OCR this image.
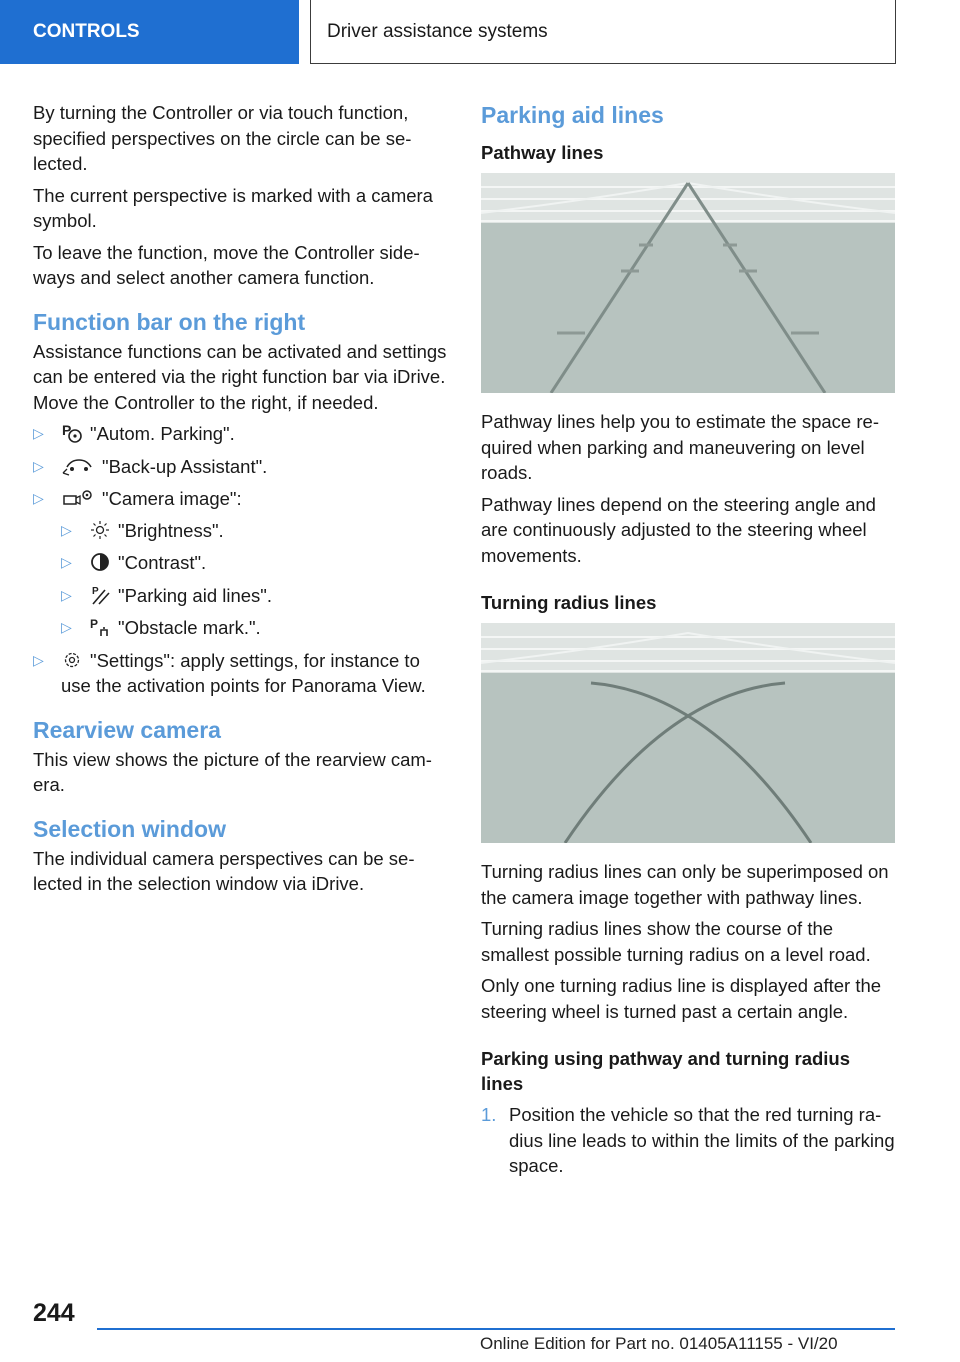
CONTROLS	Driver assistance systems

By turning the Controller or via touch function, specified perspectives on the circle can be selected.

The current perspective is marked with a camera symbol.

To leave the function, move the Controller sideways and select another camera function.

Function bar on the right

Assistance functions can be activated and settings can be entered via the right function bar via iDrive. Move the Controller to the right, if needed.

▷ P "Autom. Parking".
▷	"Back-up Assistant".
▷	"Camera image":
▷ "Brightness".
▷ "Contrast".
▷ P "Parking aid lines".
▷ P "Obstacle mark.".
▷ "Settings": apply settings, for instance to use the activation points for Panorama View.
Rearview camera

This view shows the picture of the rearview camera.

Selection window

The individual camera perspectives can be selected in the selection window via iDrive.

Parking aid lines
Pathway lines

Pathway lines help you to estimate the space required when parking and maneuvering on level roads.

Pathway lines depend on the steering angle and are continuously adjusted to the steering wheel movements.

Turning radius lines

Turning radius lines can only be superimposed on the camera image together with pathway lines.

Turning radius lines show the course of the smallest possible turning radius on a level road.

Only one turning radius line is displayed after the steering wheel is turned past a certain angle.

Parking using pathway and turning radius lines
1. Position the vehicle so that the red turning radius line leads to within the limits of the parking space.
244
Online Edition for Part no. 01405A11155 - VI/20
